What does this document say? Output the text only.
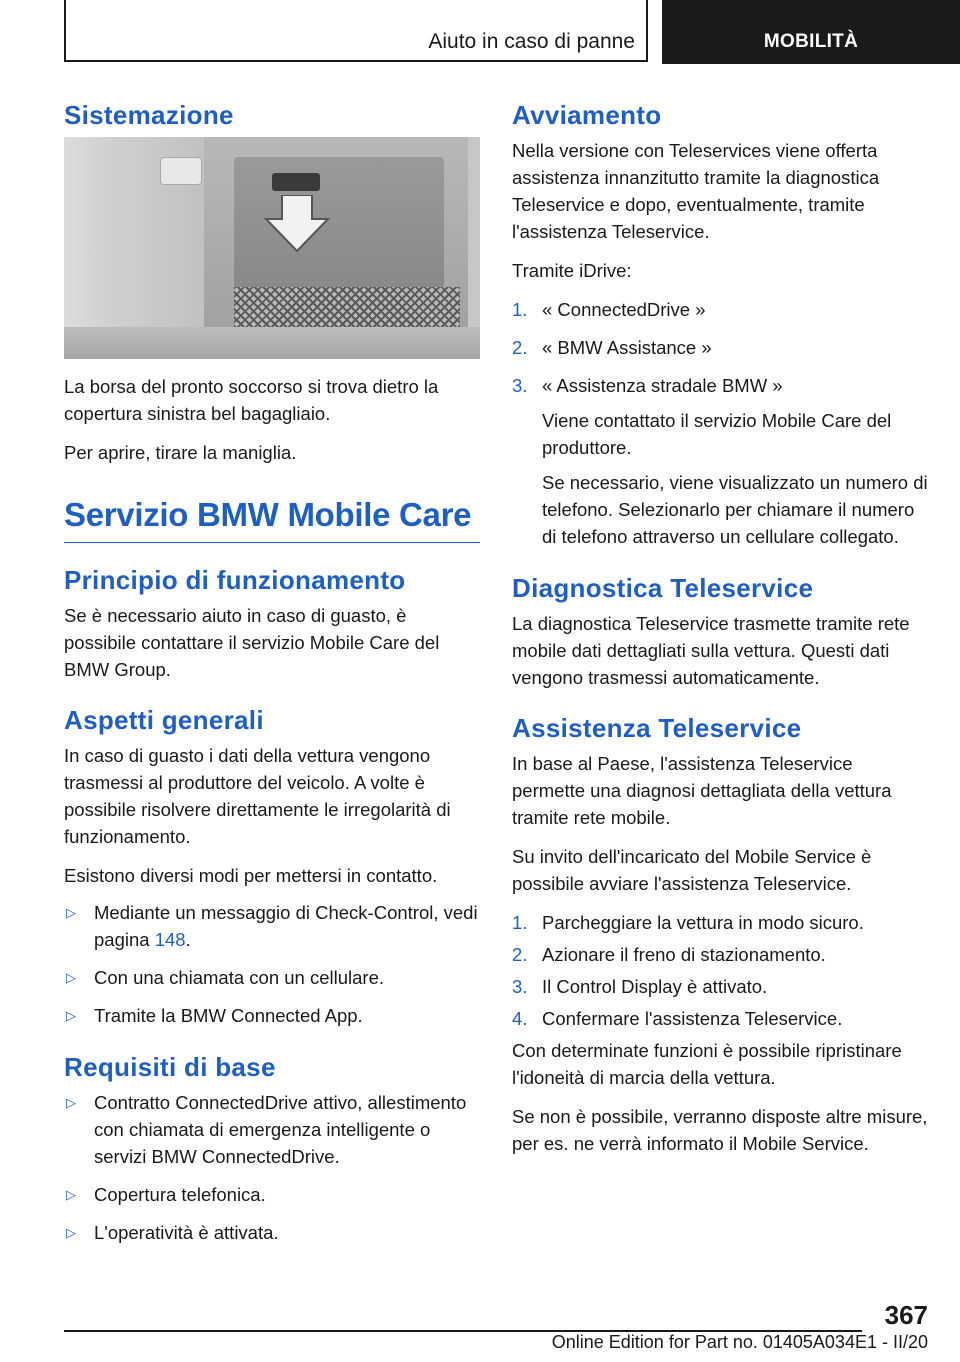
Aiuto in caso di panne	MOBILITÀ
Sistemazione

La borsa del pronto soccorso si trova dietro la copertura sinistra bel bagagliaio.

Per aprire, tirare la maniglia.

Servizio BMW Mobile Care
Principio di funzionamento

Se è necessario aiuto in caso di guasto, è possibile contattare il servizio Mobile Care del BMW Group.

Aspetti generali

In caso di guasto i dati della vettura vengono trasmessi al produttore del veicolo. A volte è possibile risolvere direttamente le irregolarità di funzionamento.

Esistono diversi modi per mettersi in contatto.

▷ Mediante un messaggio di Check-Control, vedi pagina 148.
▷ Con una chiamata con un cellulare.
▷ Tramite la BMW Connected App.
Requisiti di base
▷ Contratto ConnectedDrive attivo, allestimento con chiamata di emergenza intelligente o servizi BMW ConnectedDrive.
▷ Copertura telefonica.
▷ L'operatività è attivata.
Avviamento

Nella versione con Teleservices viene offerta assistenza innanzitutto tramite la diagnostica Teleservice e dopo, eventualmente, tramite l'assistenza Teleservice.

Tramite iDrive:

1. « ConnectedDrive »
2. « BMW Assistance »
3. « Assistenza stradale BMW »
Viene contattato il servizio Mobile Care del produttore.
Se necessario, viene visualizzato un numero di telefono. Selezionarlo per chiamare il numero di telefono attraverso un cellulare collegato.
Diagnostica Teleservice

La diagnostica Teleservice trasmette tramite rete mobile dati dettagliati sulla vettura. Questi dati vengono trasmessi automaticamente.

Assistenza Teleservice

In base al Paese, l'assistenza Teleservice permette una diagnosi dettagliata della vettura tramite rete mobile.

Su invito dell'incaricato del Mobile Service è possibile avviare l'assistenza Teleservice.

1. Parcheggiare la vettura in modo sicuro.
2. Azionare il freno di stazionamento.
3. Il Control Display è attivato.
4. Confermare l'assistenza Teleservice.

Con determinate funzioni è possibile ripristinare l'idoneità di marcia della vettura.

Se non è possibile, verranno disposte altre misure, per es. ne verrà informato il Mobile Service.

367
Online Edition for Part no. 01405A034E1 - II/20
